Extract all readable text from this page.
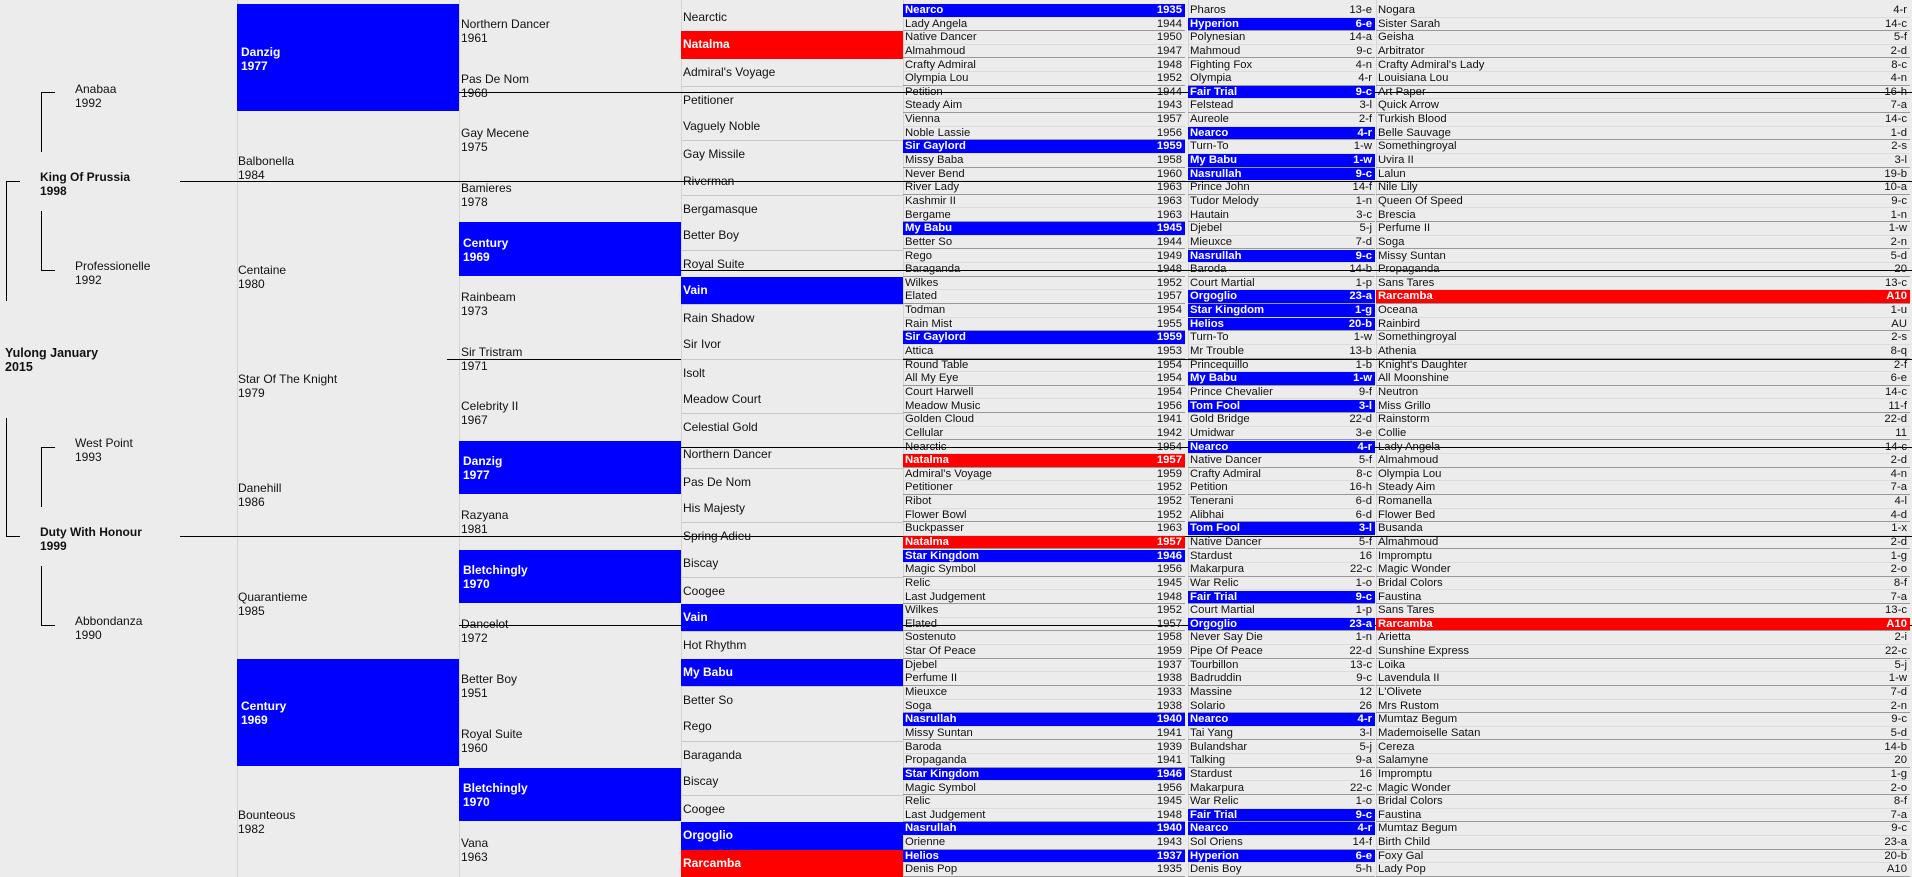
Yulong January
2015
King Of Prussia
1998
Duty With Honour
1999
Anabaa
1992
Professionelle
1992
West Point
1993
Abbondanza
1990
Danzig
1977
Balbonella
1984
Centaine
1980
Star Of The Knight
1979
Danehill
1986
Quarantieme
1985
Century
1969
Bounteous
1982
Northern Dancer
1961
Pas De Nom
1968
Gay Mecene
1975
Bamieres
1978
Century
1969
Rainbeam
1973
Sir Tristram
1971
Celebrity II
1967
Danzig
1977
Razyana
1981
Bletchingly
1970
Dancelot
1972
Better Boy
1951
Royal Suite
1960
Bletchingly
1970
Vana
1963
Nearctic
Natalma
Admiral's Voyage
Petitioner
Vaguely Noble
Gay Missile
Riverman
Bergamasque
Better Boy
Royal Suite
Vain
Rain Shadow
Sir Ivor
Isolt
Meadow Court
Celestial Gold
Northern Dancer
Pas De Nom
His Majesty
Spring Adieu
Biscay
Coogee
Vain
Hot Rhythm
My Babu
Better So
Rego
Baraganda
Biscay
Coogee
Orgoglio
Rarcamba
Nearco	1935
Lady Angela	1944
Native Dancer	1950
Almahmoud	1947
Crafty Admiral	1948
Olympia Lou	1952
Petition	1944
Steady Aim	1943
Vienna	1957
Noble Lassie	1956
Sir Gaylord	1959
Missy Baba	1958
Never Bend	1960
River Lady	1963
Kashmir II	1963
Bergame	1963
My Babu	1945
Better So	1944
Rego	1949
Baraganda	1948
Wilkes	1952
Elated	1957
Todman	1954
Rain Mist	1955
Sir Gaylord	1959
Attica	1953
Round Table	1954
All My Eye	1954
Court Harwell	1954
Meadow Music	1956
Golden Cloud	1941
Cellular	1942
Nearctic	1954
Natalma	1957
Admiral's Voyage	1959
Petitioner	1952
Ribot	1952
Flower Bowl	1952
Buckpasser	1963
Natalma	1957
Star Kingdom	1946
Magic Symbol	1956
Relic	1945
Last Judgement	1948
Wilkes	1952
Elated	1957
Sostenuto	1958
Star Of Peace	1959
Djebel	1937
Perfume II	1938
Mieuxce	1933
Soga	1938
Nasrullah	1940
Missy Suntan	1941
Baroda	1939
Propaganda	1941
Star Kingdom	1946
Magic Symbol	1956
Relic	1945
Last Judgement	1948
Nasrullah	1940
Orienne	1943
Helios	1937
Denis Pop	1935
Pharos	13-e
Hyperion	6-e
Polynesian	14-a
Mahmoud	9-c
Fighting Fox	4-n
Olympia	4-r
Fair Trial	9-c
Felstead	3-l
Aureole	2-f
Nearco	4-r
Turn-To	1-w
My Babu	1-w
Nasrullah	9-c
Prince John	14-f
Tudor Melody	1-n
Hautain	3-c
Djebel	5-j
Mieuxce	7-d
Nasrullah	9-c
Baroda	14-b
Court Martial	1-p
Orgoglio	23-a
Star Kingdom	1-g
Helios	20-b
Turn-To	1-w
Mr Trouble	13-b
Princequillo	1-b
My Babu	1-w
Prince Chevalier	9-f
Tom Fool	3-l
Gold Bridge	22-d
Umidwar	3-e
Nearco	4-r
Native Dancer	5-f
Crafty Admiral	8-c
Petition	16-h
Tenerani	6-d
Alibhai	6-d
Tom Fool	3-l
Native Dancer	5-f
Stardust	16
Makarpura	22-c
War Relic	1-o
Fair Trial	9-c
Court Martial	1-p
Orgoglio	23-a
Never Say Die	1-n
Pipe Of Peace	22-d
Tourbillon	13-c
Badruddin	9-c
Massine	12
Solario	26
Nearco	4-r
Tai Yang	3-l
Bulandshar	5-j
Talking	9-a
Stardust	16
Makarpura	22-c
War Relic	1-o
Fair Trial	9-c
Nearco	4-r
Sol Oriens	14-f
Hyperion	6-e
Denis Boy	5-h
Nogara	4-r
Sister Sarah	14-c
Geisha	5-f
Arbitrator	2-d
Crafty Admiral's Lady	8-c
Louisiana Lou	4-n
Art Paper	16-h
Quick Arrow	7-a
Turkish Blood	14-c
Belle Sauvage	1-d
Somethingroyal	2-s
Uvira II	3-l
Lalun	19-b
Nile Lily	10-a
Queen Of Speed	9-c
Brescia	1-n
Perfume II	1-w
Soga	2-n
Missy Suntan	5-d
Propaganda	20
Sans Tares	13-c
Rarcamba	A10
Oceana	1-u
Rainbird	AU
Somethingroyal	2-s
Athenia	8-q
Knight's Daughter	2-f
All Moonshine	6-e
Neutron	14-c
Miss Grillo	11-f
Rainstorm	22-d
Collie	11
Lady Angela	14-c
Almahmoud	2-d
Olympia Lou	4-n
Steady Aim	7-a
Romanella	4-l
Flower Bed	4-d
Busanda	1-x
Almahmoud	2-d
Impromptu	1-g
Magic Wonder	2-o
Bridal Colors	8-f
Faustina	7-a
Sans Tares	13-c
Rarcamba	A10
Arietta	2-i
Sunshine Express	22-c
Loika	5-j
Lavendula II	1-w
L'Olivete	7-d
Mrs Rustom	2-n
Mumtaz Begum	9-c
Mademoiselle Satan	5-d
Cereza	14-b
Salamyne	20
Impromptu	1-g
Magic Wonder	2-o
Bridal Colors	8-f
Faustina	7-a
Mumtaz Begum	9-c
Birth Child	23-a
Foxy Gal	20-b
Lady Pop	A10
